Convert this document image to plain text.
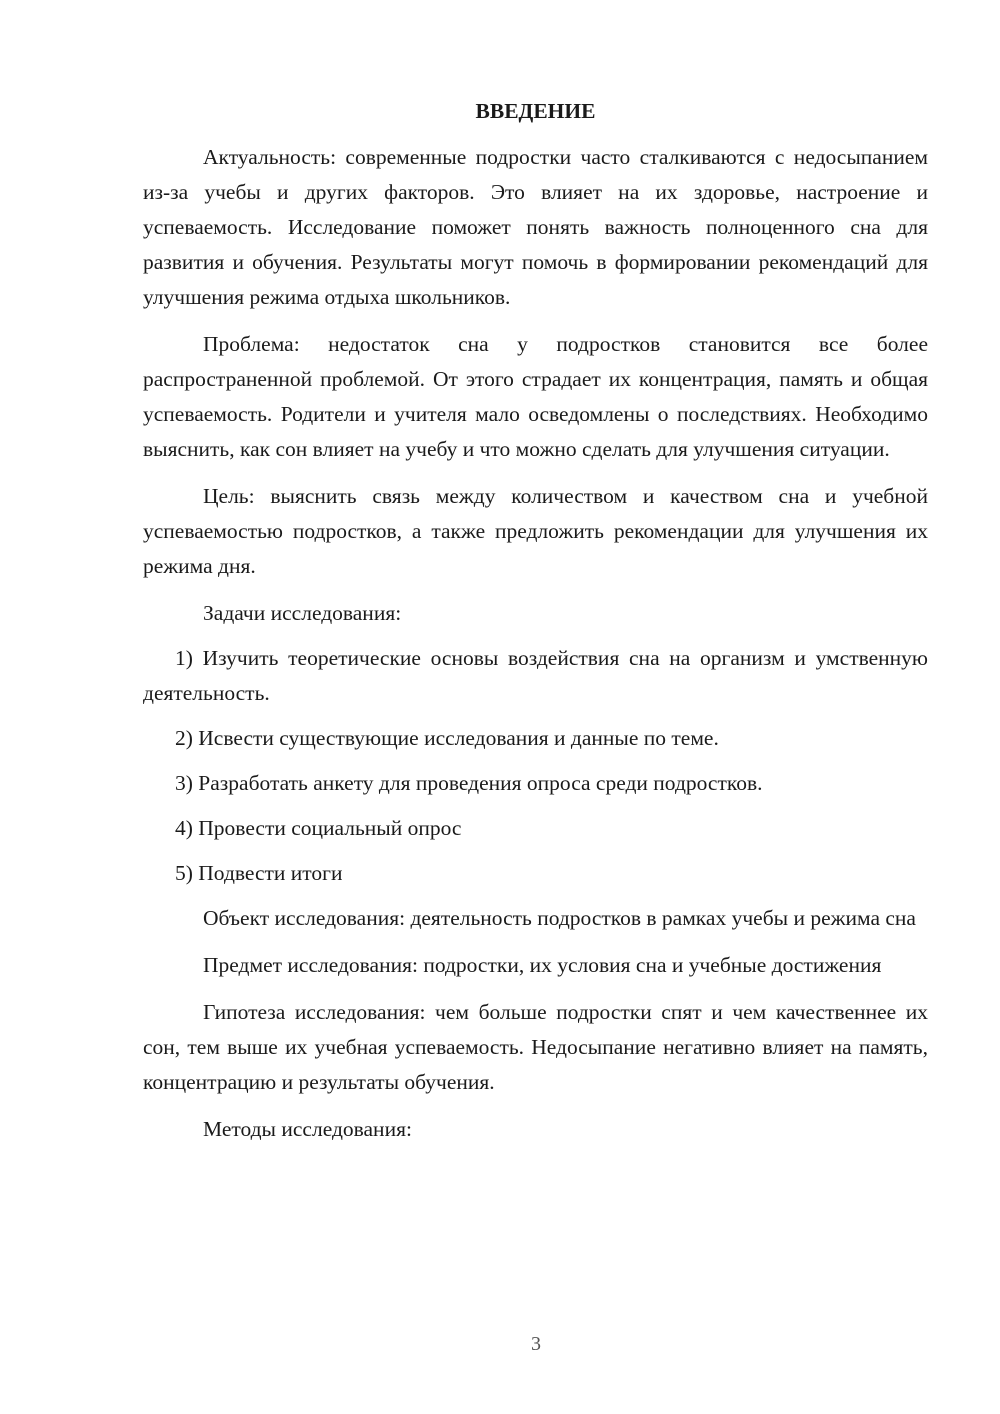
ВВЕДЕНИЕ

Актуальность: современные подростки часто сталкиваются с недосыпанием из-за учебы и других факторов. Это влияет на их здоровье, настроение и успеваемость. Исследование поможет понять важность полноценного сна для развития и обучения. Результаты могут помочь в формировании рекомендаций для улучшения режима отдыха школьников.

Проблема: недостаток сна у подростков становится все более распространенной проблемой. От этого страдает их концентрация, память и общая успеваемость. Родители и учителя мало осведомлены о последствиях. Необходимо выяснить, как сон влияет на учебу и что можно сделать для улучшения ситуации.

Цель: выяснить связь между количеством и качеством сна и учебной успеваемостью подростков, а также предложить рекомендации для улучшения их режима дня.

Задачи исследования:

1) Изучить теоретические основы воздействия сна на организм и умственную деятельность.

2) Исвести существующие исследования и данные по теме.

3) Разработать анкету для проведения опроса среди подростков.

4) Провести социальный опрос

5) Подвести итоги

Объект исследования: деятельность подростков в рамках учебы и режима сна

Предмет исследования: подростки, их условия сна и учебные достижения

Гипотеза исследования: чем больше подростки спят и чем качественнее их сон, тем выше их учебная успеваемость. Недосыпание негативно влияет на память, концентрацию и результаты обучения.

Методы исследования:

3
